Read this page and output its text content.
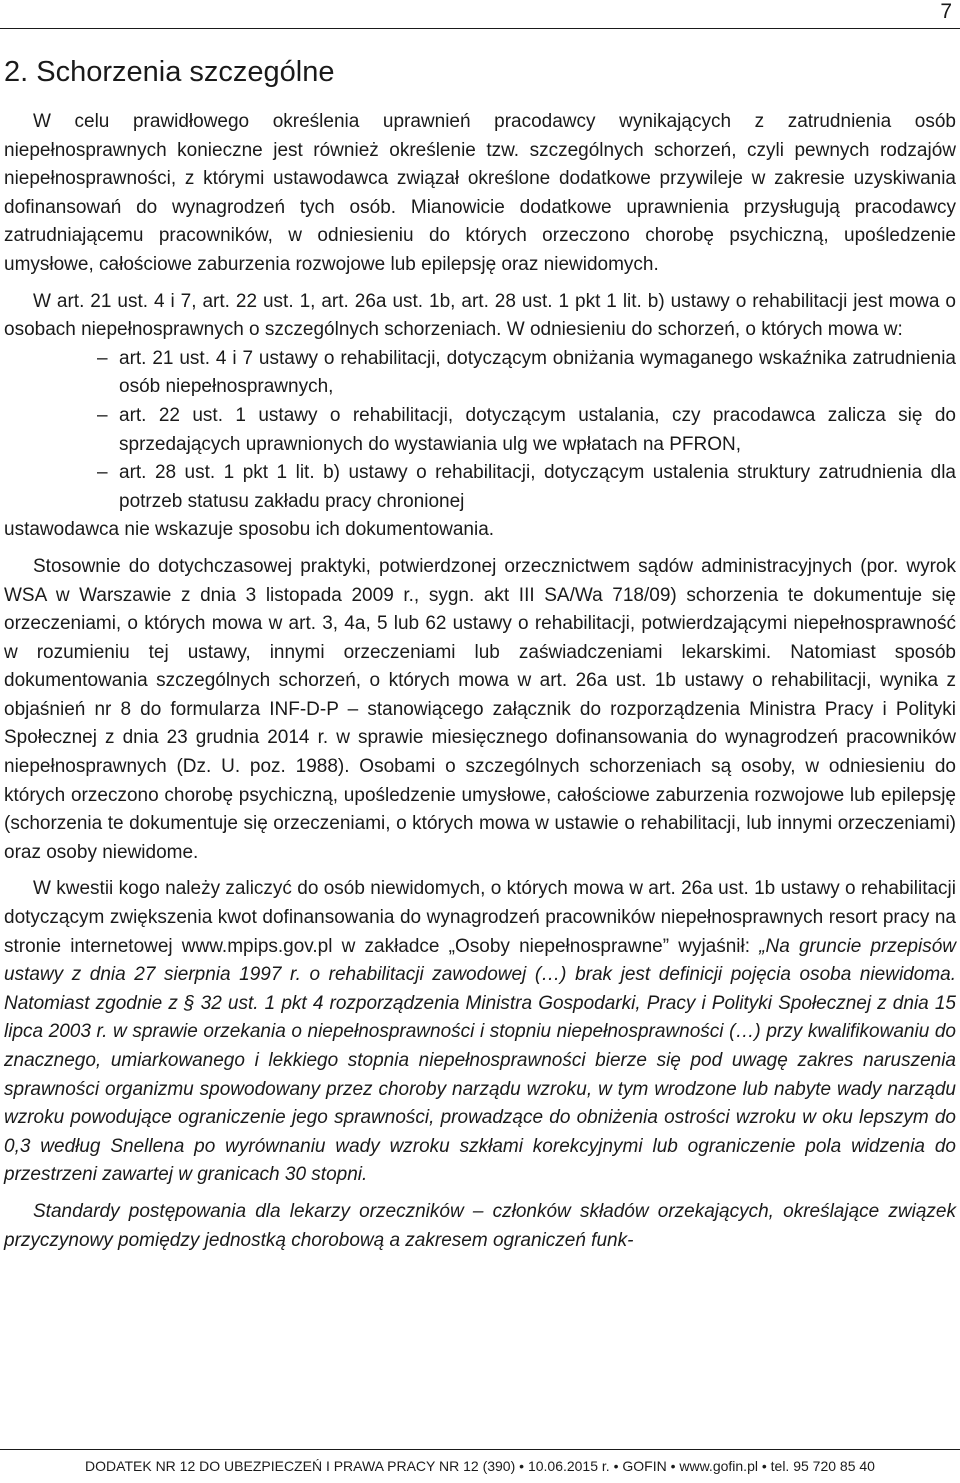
7
2. Schorzenia szczególne

W celu prawidłowego określenia uprawnień pracodawcy wynikających z zatrudnienia osób niepełnosprawnych konieczne jest również określenie tzw. szczególnych schorzeń, czyli pewnych rodzajów niepełnosprawności, z którymi ustawodawca związał określone dodatkowe przywileje w zakresie uzyskiwania dofinansowań do wynagrodzeń tych osób. Mianowicie dodatkowe uprawnienia przysługują pracodawcy zatrudniającemu pracowników, w odniesieniu do których orzeczono chorobę psychiczną, upośledzenie umysłowe, całościowe zaburzenia rozwojowe lub epilepsję oraz niewidomych.

W art. 21 ust. 4 i 7, art. 22 ust. 1, art. 26a ust. 1b, art. 28 ust. 1 pkt 1 lit. b) ustawy o rehabilitacji jest mowa o osobach niepełnosprawnych o szczególnych schorzeniach. W odniesieniu do schorzeń, o których mowa w:

– art. 21 ust. 4 i 7 ustawy o rehabilitacji, dotyczącym obniżania wymaganego wskaźnika zatrudnienia osób niepełnosprawnych,
– art. 22 ust. 1 ustawy o rehabilitacji, dotyczącym ustalania, czy pracodawca zalicza się do sprzedających uprawnionych do wystawiania ulg we wpłatach na PFRON,
– art. 28 ust. 1 pkt 1 lit. b) ustawy o rehabilitacji, dotyczącym ustalenia struktury zatrudnienia dla potrzeb statusu zakładu pracy chronionej

ustawodawca nie wskazuje sposobu ich dokumentowania.

Stosownie do dotychczasowej praktyki, potwierdzonej orzecznictwem sądów administracyjnych (por. wyrok WSA w Warszawie z dnia 3 listopada 2009 r., sygn. akt III SA/Wa 718/09) schorzenia te dokumentuje się orzeczeniami, o których mowa w art. 3, 4a, 5 lub 62 ustawy o rehabilitacji, potwierdzającymi niepełnosprawność w rozumieniu tej ustawy, innymi orzeczeniami lub zaświadczeniami lekarskimi. Natomiast sposób dokumentowania szczególnych schorzeń, o których mowa w art. 26a ust. 1b ustawy o rehabilitacji, wynika z objaśnień nr 8 do formularza INF-D-P – stanowiącego załącznik do rozporządzenia Ministra Pracy i Polityki Społecznej z dnia 23 grudnia 2014 r. w sprawie miesięcznego dofinansowania do wynagrodzeń pracowników niepełnosprawnych (Dz. U. poz. 1988). Osobami o szczególnych schorzeniach są osoby, w odniesieniu do których orzeczono chorobę psychiczną, upośledzenie umysłowe, całościowe zaburzenia rozwojowe lub epilepsję (schorzenia te dokumentuje się orzeczeniami, o których mowa w ustawie o rehabilitacji, lub innymi orzeczeniami) oraz osoby niewidome.

W kwestii kogo należy zaliczyć do osób niewidomych, o których mowa w art. 26a ust. 1b ustawy o rehabilitacji dotyczącym zwiększenia kwot dofinansowania do wynagrodzeń pracowników niepełnosprawnych resort pracy na stronie internetowej www.mpips.gov.pl w zakładce „Osoby niepełnosprawne” wyjaśnił: „Na gruncie przepisów ustawy z dnia 27 sierpnia 1997 r. o rehabilitacji zawodowej (…) brak jest definicji pojęcia osoba niewidoma. Natomiast zgodnie z § 32 ust. 1 pkt 4 rozporządzenia Ministra Gospodarki, Pracy i Polityki Społecznej z dnia 15 lipca 2003 r. w sprawie orzekania o niepełnosprawności i stopniu niepełnosprawności (…) przy kwalifikowaniu do znacznego, umiarkowanego i lekkiego stopnia niepełnosprawności bierze się pod uwagę zakres naruszenia sprawności organizmu spowodowany przez choroby narządu wzroku, w tym wrodzone lub nabyte wady narządu wzroku powodujące ograniczenie jego sprawności, prowadzące do obniżenia ostrości wzroku w oku lepszym do 0,3 według Snellena po wyrównaniu wady wzroku szkłami korekcyjnymi lub ograniczenie pola widzenia do przestrzeni zawartej w granicach 30 stopni.

Standardy postępowania dla lekarzy orzeczników – członków składów orzekających, określające związek przyczynowy pomiędzy jednostką chorobową a zakresem ograniczeń funk-

DODATEK NR 12 DO UBEZPIECZEŃ I PRAWA PRACY NR 12 (390) • 10.06.2015 r. • GOFIN • www.gofin.pl • tel. 95 720 85 40
